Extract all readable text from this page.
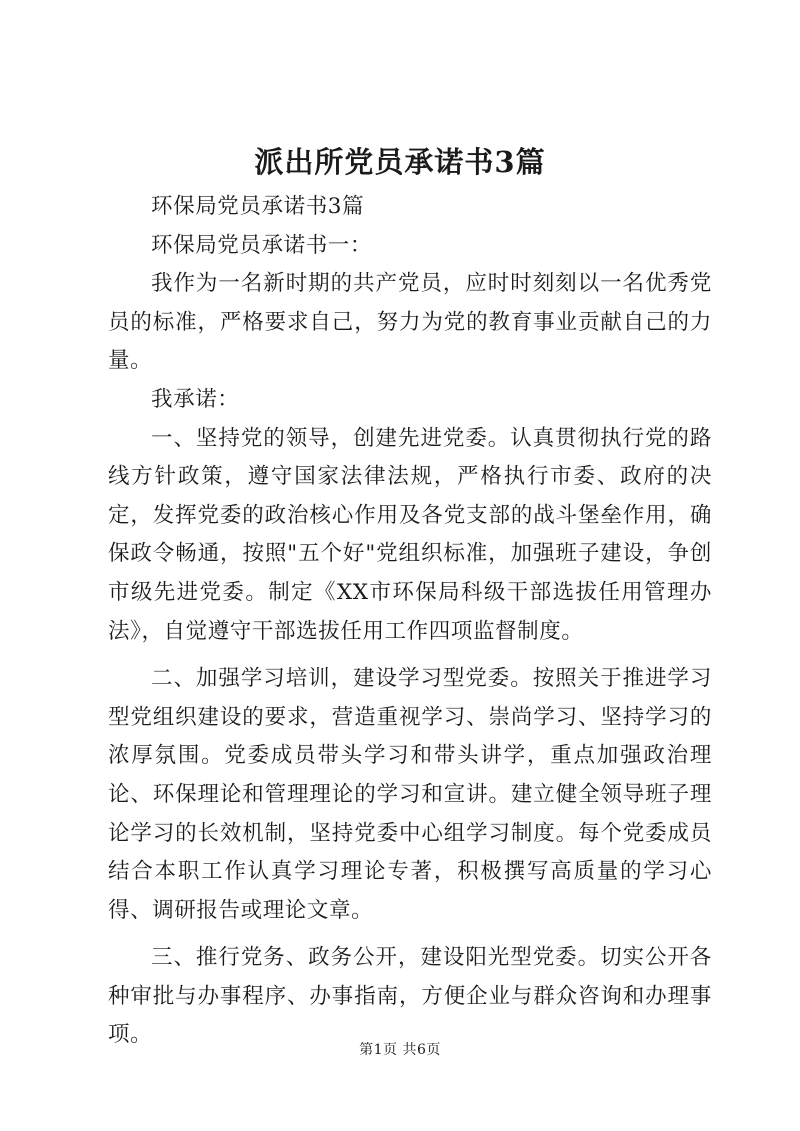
派出所党员承诺书3篇

环保局党员承诺书3篇

环保局党员承诺书一：

我作为一名新时期的共产党员，应时时刻刻以一名优秀党员的标准，严格要求自己，努力为党的教育事业贡献自己的力量。

我承诺：

一、坚持党的领导，创建先进党委。认真贯彻执行党的路线方针政策，遵守国家法律法规，严格执行市委、政府的决定，发挥党委的政治核心作用及各党支部的战斗堡垒作用，确保政令畅通，按照"五个好"党组织标准，加强班子建设，争创市级先进党委。制定《XX市环保局科级干部选拔任用管理办法》，自觉遵守干部选拔任用工作四项监督制度。

二、加强学习培训，建设学习型党委。按照关于推进学习型党组织建设的要求，营造重视学习、崇尚学习、坚持学习的浓厚氛围。党委成员带头学习和带头讲学，重点加强政治理论、环保理论和管理理论的学习和宣讲。建立健全领导班子理论学习的长效机制，坚持党委中心组学习制度。每个党委成员结合本职工作认真学习理论专著，积极撰写高质量的学习心得、调研报告或理论文章。

三、推行党务、政务公开，建设阳光型党委。切实公开各种审批与办事程序、办事指南，方便企业与群众咨询和办理事项。

第1页 共6页
